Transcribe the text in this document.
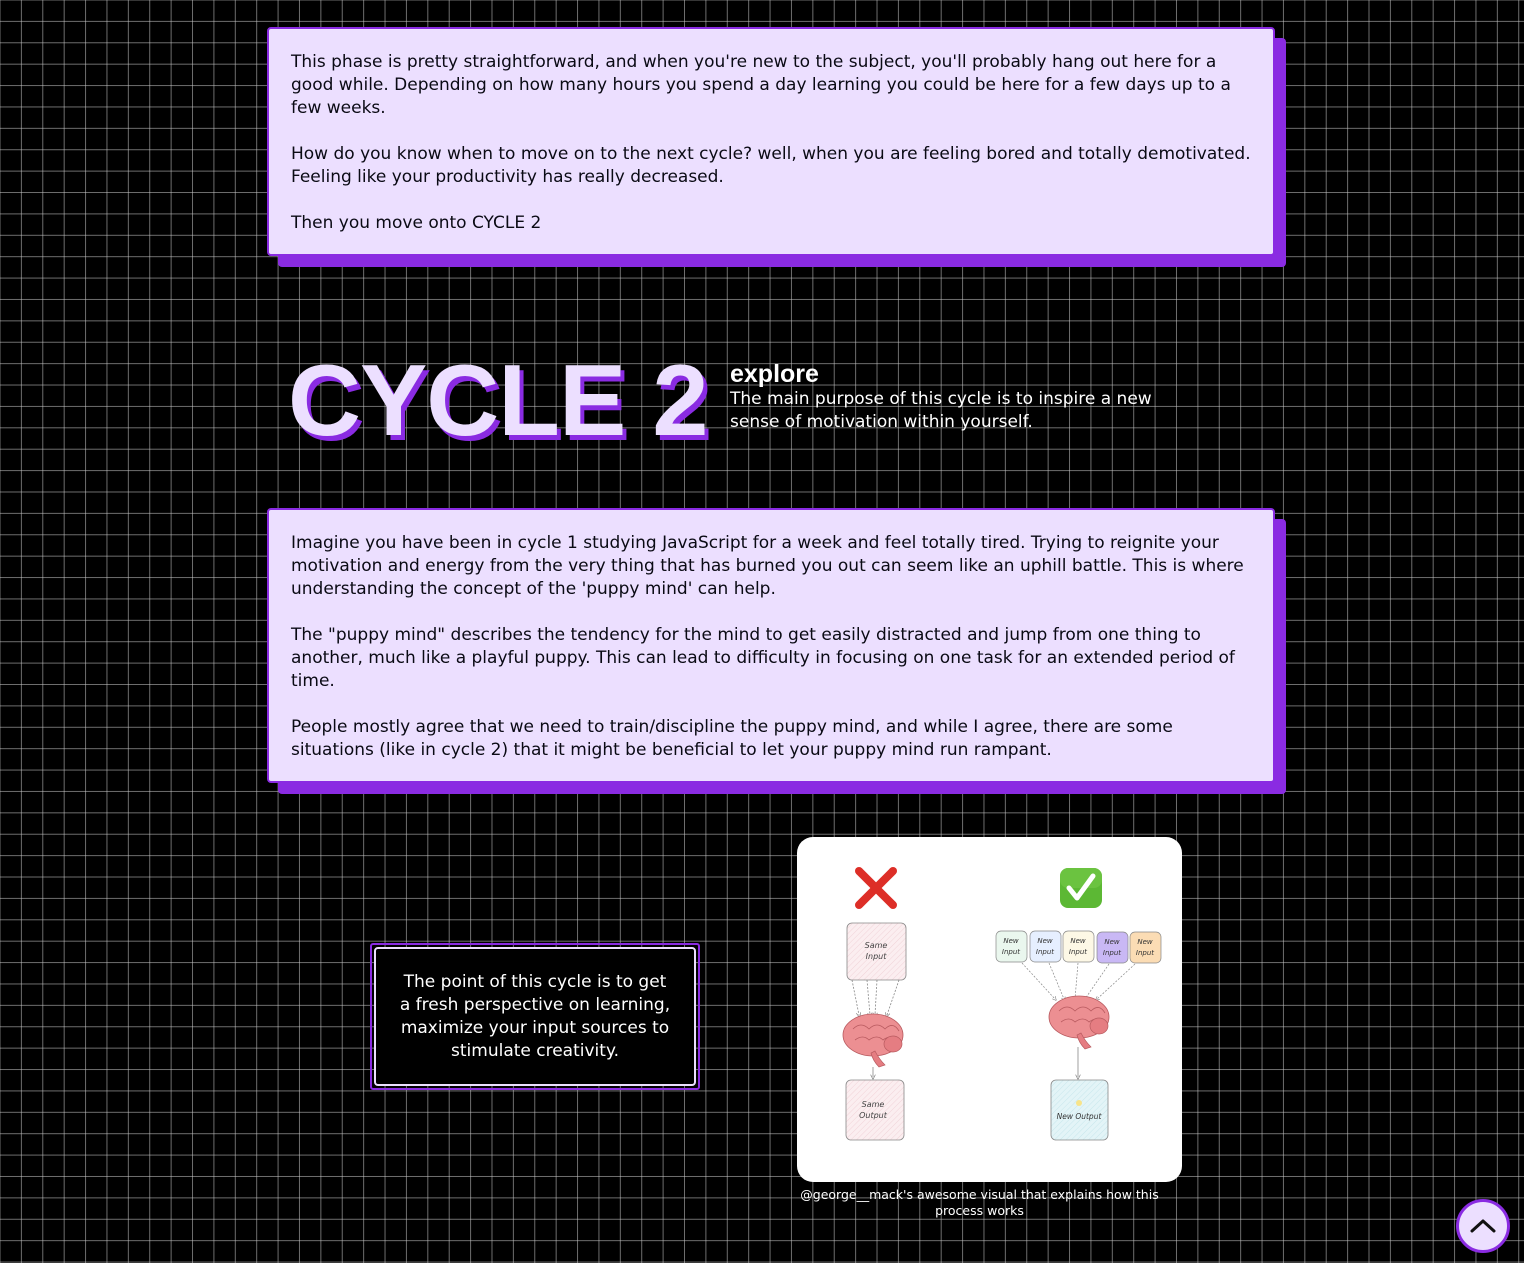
This phase is pretty straightforward, and when you're new to the subject, you'll probably hang out here for a good while. Depending on how many hours you spend a day learning you could be here for a few days up to a few weeks.

How do you know when to move on to the next cycle? well, when you are feeling bored and totally demotivated. Feeling like your productivity has really decreased.

Then you move onto CYCLE 2

CYCLE 2 explore
The main purpose of this cycle is to inspire a new sense of motivation within yourself.

Imagine you have been in cycle 1 studying JavaScript for a week and feel totally tired. Trying to reignite your motivation and energy from the very thing that has burned you out can seem like an uphill battle. This is where understanding the concept of the 'puppy mind' can help.

The "puppy mind" describes the tendency for the mind to get easily distracted and jump from one thing to another, much like a playful puppy. This can lead to difficulty in focusing on one task for an extended period of time.

People mostly agree that we need to train/discipline the puppy mind, and while I agree, there are some situations (like in cycle 2) that it might be beneficial to let your puppy mind run rampant.

The point of this cycle is to get a fresh perspective on learning, maximize your input sources to stimulate creativity.
Same
Input
Same
Output
New
Input
New
Input
New
Input
New
Input
New
Input
New Output
@george__mack's awesome visual that explains how this process works
